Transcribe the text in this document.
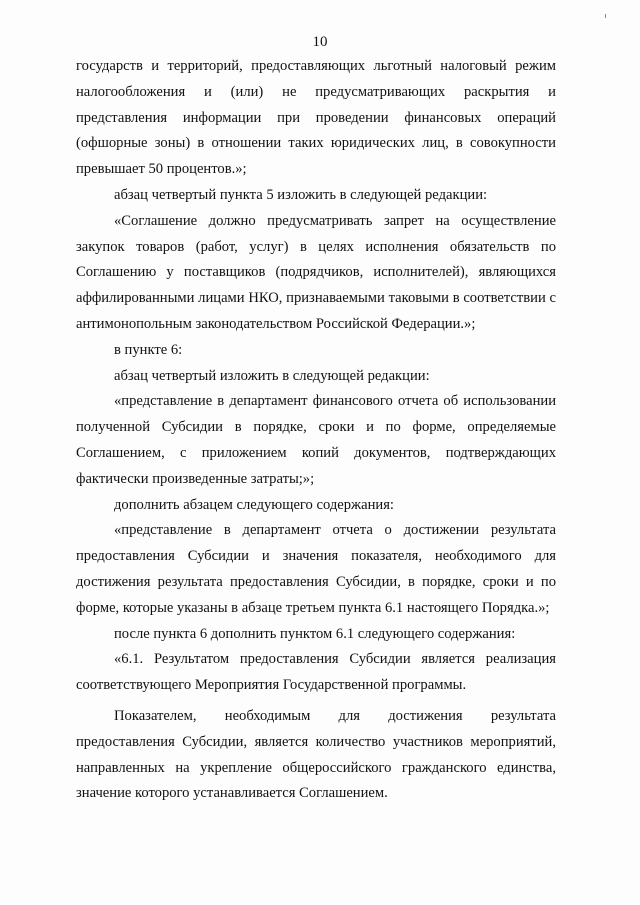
10

государств и территорий, предоставляющих льготный налоговый режим налогообложения и (или) не предусматривающих раскрытия и представления информации при проведении финансовых операций (офшорные зоны) в отношении таких юридических лиц, в совокупности превышает 50 процентов.»;

абзац четвертый пункта 5 изложить в следующей редакции:

«Соглашение должно предусматривать запрет на осуществление закупок товаров (работ, услуг) в целях исполнения обязательств по Соглашению у поставщиков (подрядчиков, исполнителей), являющихся аффилированными лицами НКО, признаваемыми таковыми в соответствии с антимонопольным законодательством Российской Федерации.»;

в пункте 6:

абзац четвертый изложить в следующей редакции:

«представление в департамент финансового отчета об использовании полученной Субсидии в порядке, сроки и по форме, определяемые Соглашением, с приложением копий документов, подтверждающих фактически произведенные затраты;»;

дополнить абзацем следующего содержания:

«представление в департамент отчета о достижении результата предоставления Субсидии и значения показателя, необходимого для достижения результата предоставления Субсидии, в порядке, сроки и по форме, которые указаны в абзаце третьем пункта 6.1 настоящего Порядка.»;

после пункта 6 дополнить пунктом 6.1 следующего содержания:

«6.1. Результатом предоставления Субсидии является реализация соответствующего Мероприятия Государственной программы.

Показателем, необходимым для достижения результата предоставления Субсидии, является количество участников мероприятий, направленных на укрепление общероссийского гражданского единства, значение которого устанавливается Соглашением.
